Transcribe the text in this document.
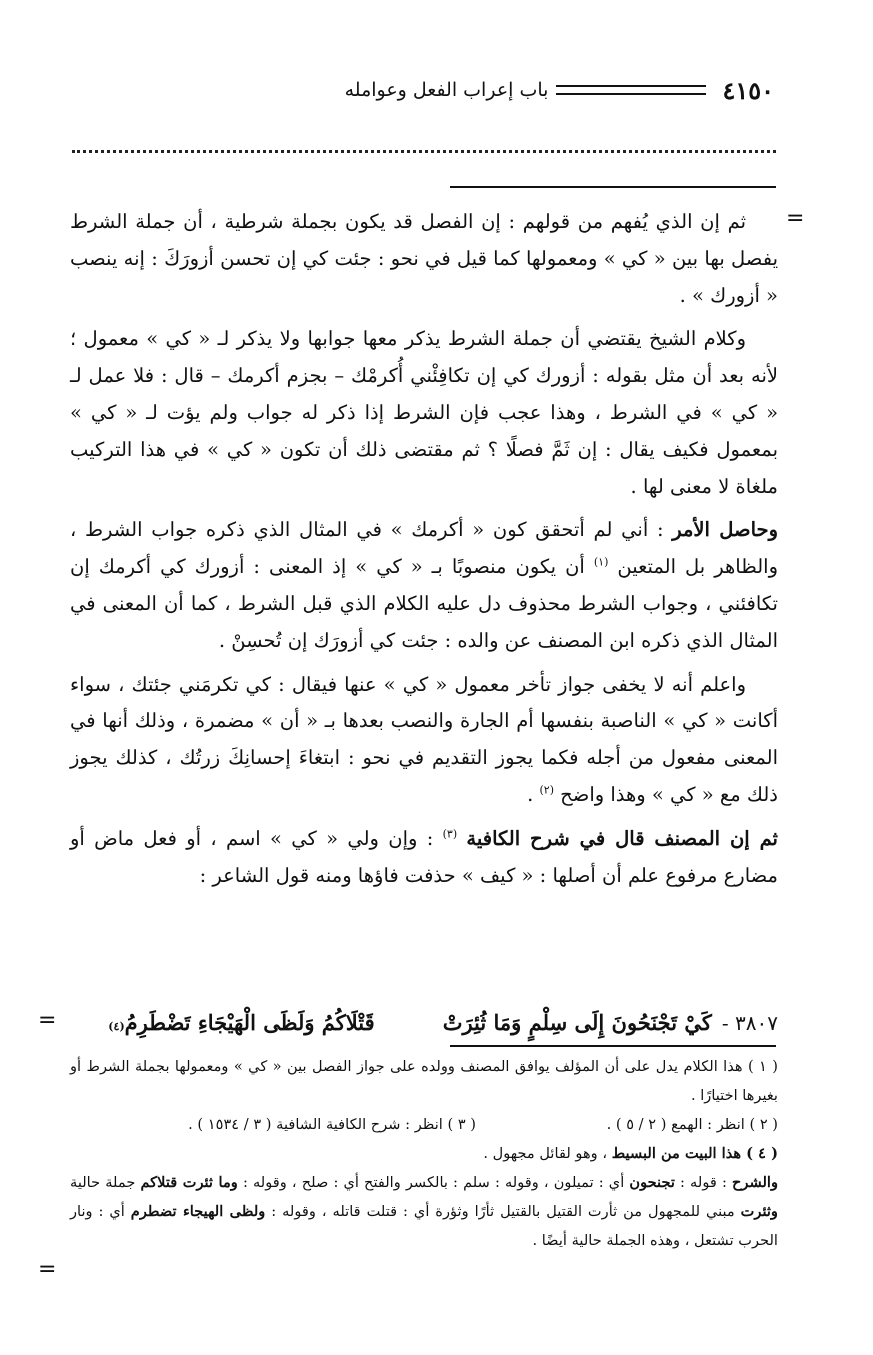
٤١٥٠
باب إعراب الفعل وعوامله
=
=
=

ثم إن الذي يُفهم من قولهم : إن الفصل قد يكون بجملة شرطية ، أن جملة الشرط يفصل بها بين « كي » ومعمولها كما قيل في نحو : جئت كي إن تحسن أزورَكَ : إنه ينصب « أزورك » .

وكلام الشيخ يقتضي أن جملة الشرط يذكر معها جوابها ولا يذكر لـ « كي » معمول ؛ لأنه بعد أن مثل بقوله : أزورك كي إن تكافِئْني أُكرمْك – بجزم أكرمك – قال : فلا عمل لـ « كي » في الشرط ، وهذا عجب فإن الشرط إذا ذكر له جواب ولم يؤت لـ « كي » بمعمول فكيف يقال : إن ثَمَّ فصلًا ؟ ثم مقتضى ذلك أن تكون « كي » في هذا التركيب ملغاة لا معنى لها .

وحاصل الأمر : أني لم أتحقق كون « أكرمك » في المثال الذي ذكره جواب الشرط ، والظاهر بل المتعين $^{(١)}$ أن يكون منصوبًا بـ « كي » إذ المعنى : أزورك كي أكرمك إن تكافئني ، وجواب الشرط محذوف دل عليه الكلام الذي قبل الشرط ، كما أن المعنى في المثال الذي ذكره ابن المصنف عن والده : جئت كي أزورَك إن تُحسِنْ .

واعلم أنه لا يخفى جواز تأخر معمول « كي » عنها فيقال : كي تكرمَني جئتك ، سواء أكانت « كي » الناصبة بنفسها أم الجارة والنصب بعدها بـ « أن » مضمرة ، وذلك أنها في المعنى مفعول من أجله فكما يجوز التقديم في نحو : ابتغاءَ إحسانِكَ زرتُك ، كذلك يجوز ذلك مع « كي » وهذا واضح $^{(٢)}$ .

ثم إن المصنف قال في شرح الكافية $^{(٣)}$ : وإن ولي « كي » اسم ، أو فعل ماض أو مضارع مرفوع علم أن أصلها : « كيف » حذفت فاؤها ومنه قول الشاعر :

٣٨٠٧ -
كَيْ تَجْنَحُونَ إِلَى سِلْمٍ وَمَا ثُئِرَتْ
قَتْلَاكُمُ وَلَظَى الْهَيْجَاءِ تَضْطَرِمُ
(٤)

( ١ ) هذا الكلام يدل على أن المؤلف يوافق المصنف وولده على جواز الفصل بين « كي » ومعمولها بجملة الشرط أو بغيرها اختيارًا .

( ٢ ) انظر : الهمع ( ٢ / ٥ ) .
( ٣ ) انظر : شرح الكافية الشافية ( ٣ / ١٥٣٤ ) .

( ٤ ) هذا البيت من البسيط ، وهو لقائل مجهول .

والشرح : قوله : تجنحون أي : تميلون ، وقوله : سلم : بالكسر والفتح أي : صلح ، وقوله : وما ثئرت قتلاكم جملة حالية وثئرت مبني للمجهول من ثأرت القتيل بالقتيل ثأرًا وثؤرة أي : قتلت قاتله ، وقوله : ولظى الهيجاء تضطرم أي : ونار الحرب تشتعل ، وهذه الجملة حالية أيضًا .
